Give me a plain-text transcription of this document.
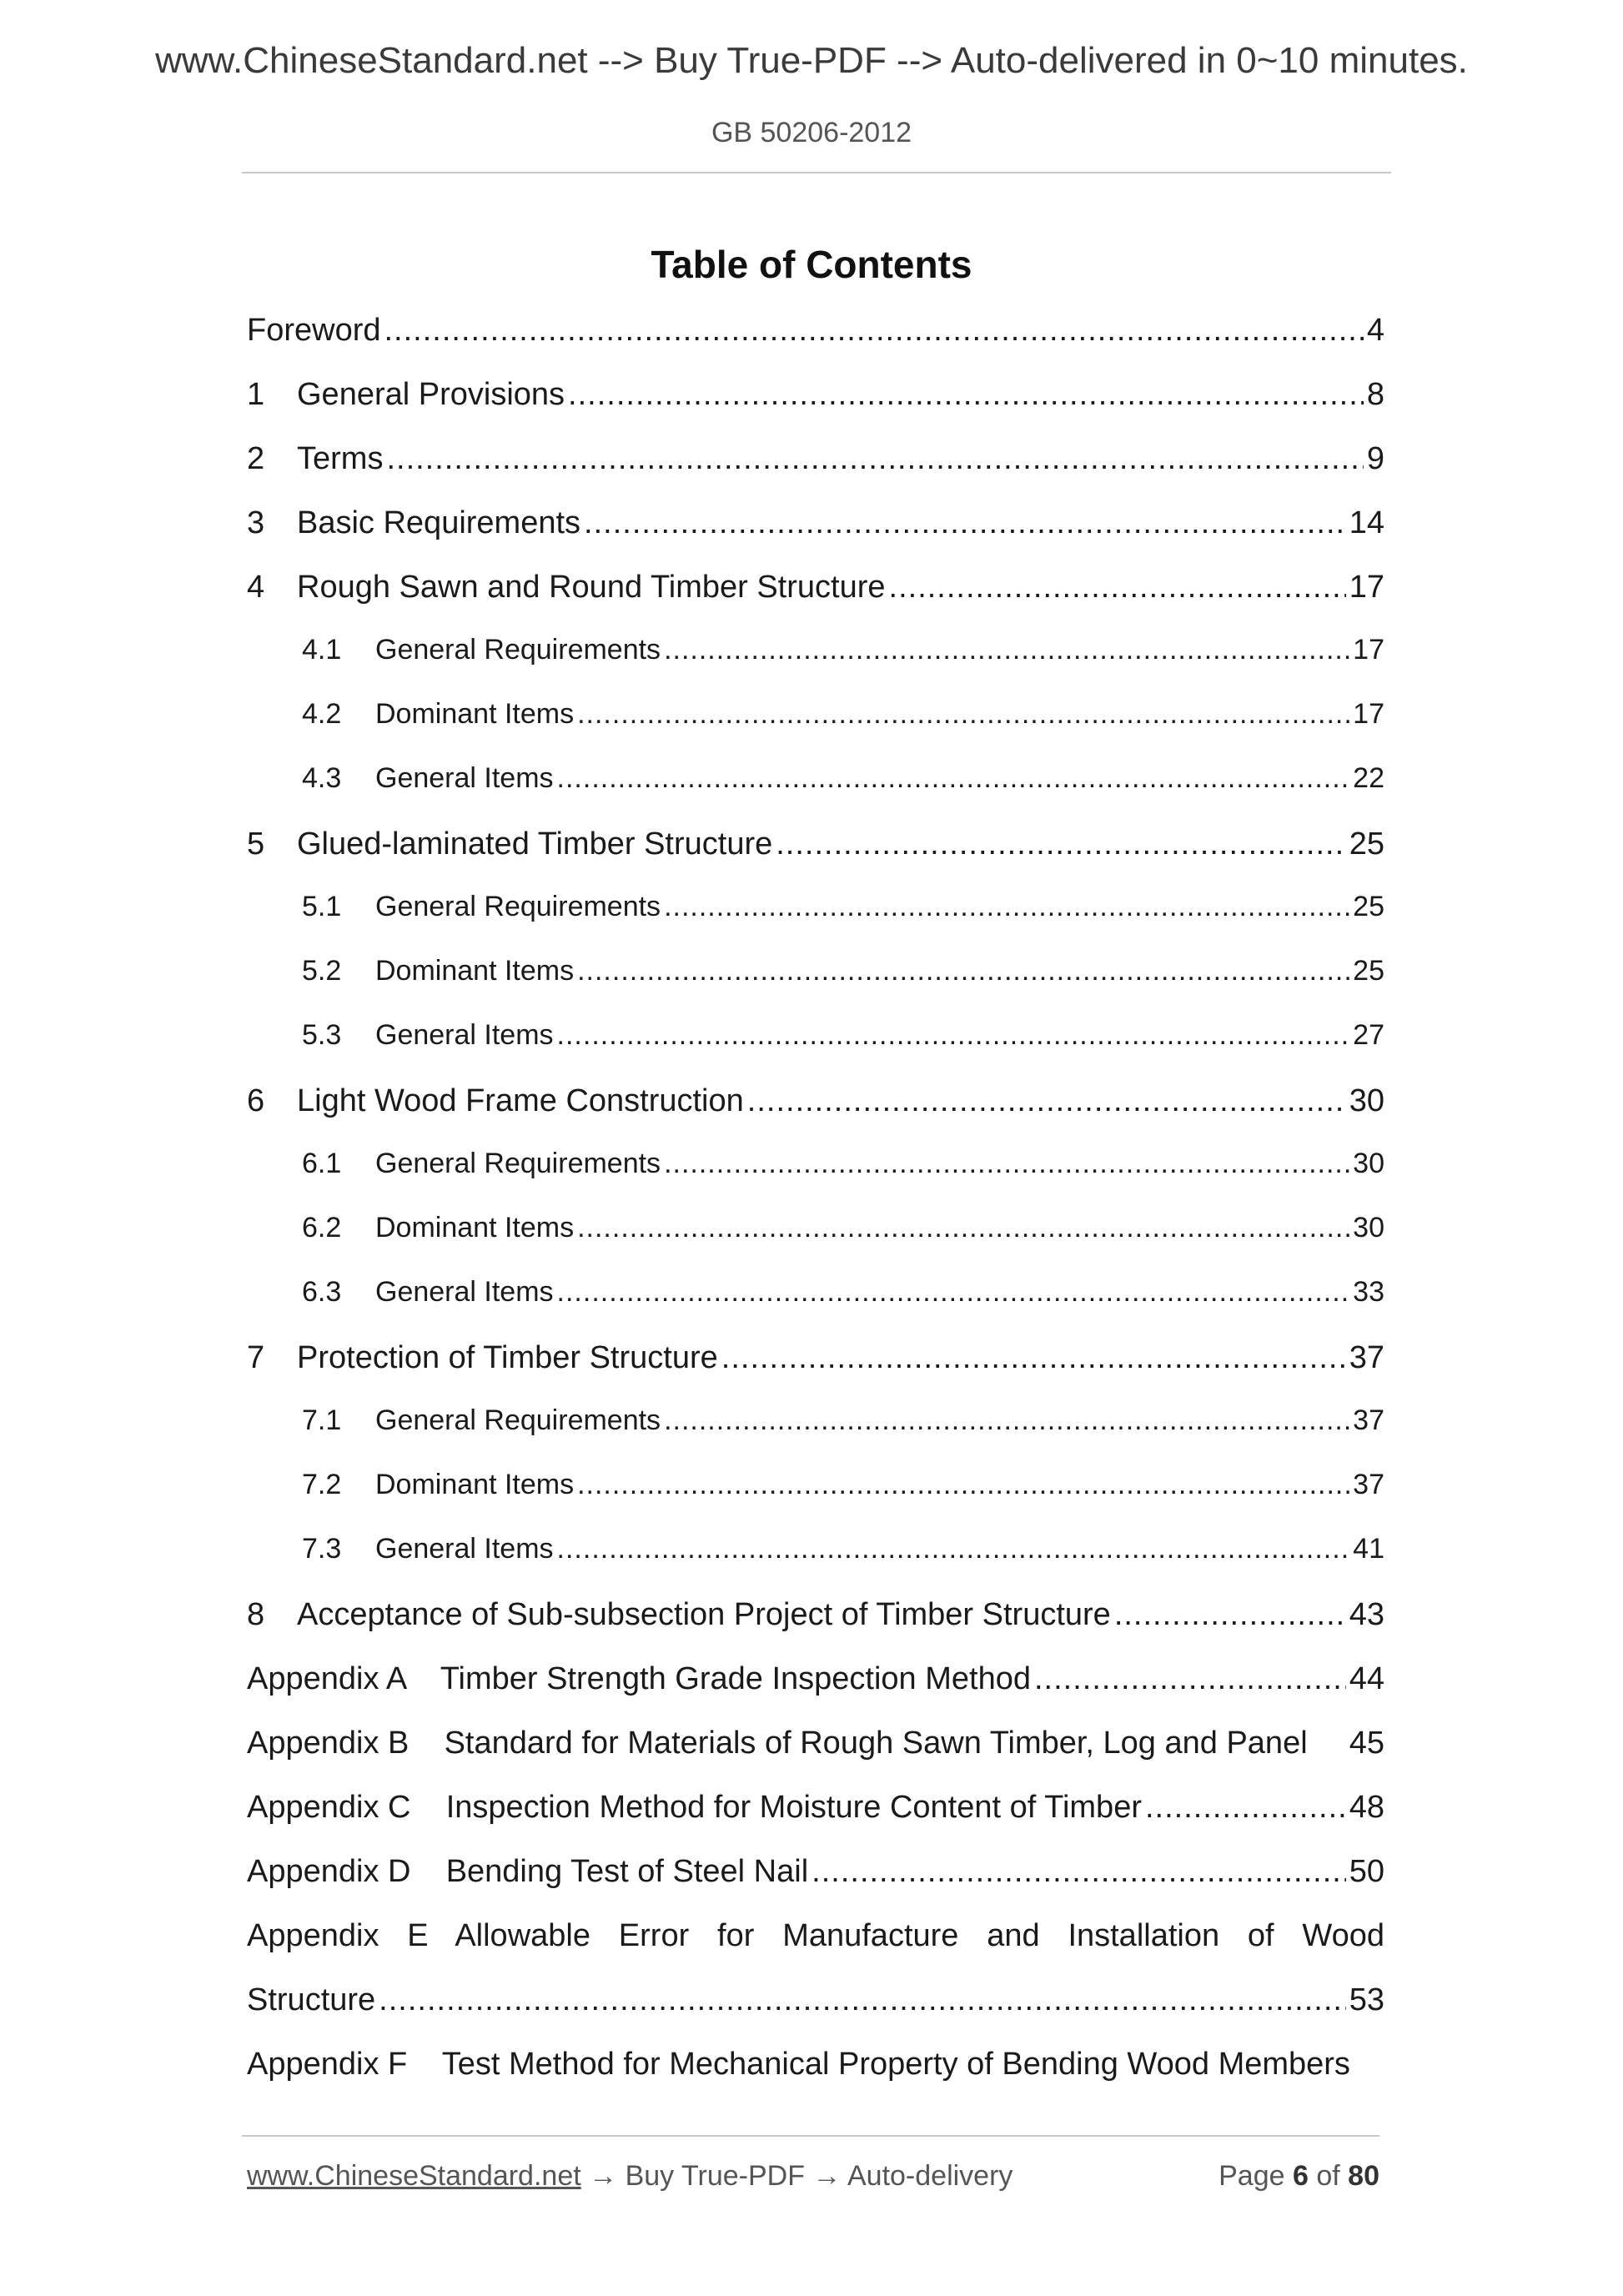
www.ChineseStandard.net --> Buy True-PDF --> Auto-delivered in 0~10 minutes.
GB 50206-2012
Table of Contents
Foreword .....	4
1	General Provisions .....	8
2	Terms .....	9
3	Basic Requirements .....	14
4	Rough Sawn and Round Timber Structure .....	17
4.1	General Requirements .....	17
4.2	Dominant Items .....	17
4.3	General Items .....	22
5	Glued-laminated Timber Structure .....	25
5.1	General Requirements .....	25
5.2	Dominant Items .....	25
5.3	General Items .....	27
6	Light Wood Frame Construction .....	30
6.1	General Requirements .....	30
6.2	Dominant Items .....	30
6.3	General Items .....	33
7	Protection of Timber Structure .....	37
7.1	General Requirements .....	37
7.2	Dominant Items .....	37
7.3	General Items .....	41
8	Acceptance of Sub-subsection Project of Timber Structure .....	43
Appendix A    Timber Strength Grade Inspection Method .....	44
Appendix B    Standard for Materials of Rough Sawn Timber, Log and Panel 45
Appendix C    Inspection Method for Moisture Content of Timber .....	48
Appendix D    Bending Test of Steel Nail .....	50
Appendix E Allowable Error for Manufacture and Installation of Wood
Structure .....	53
Appendix F    Test Method for Mechanical Property of Bending Wood Members
www.ChineseStandard.net → Buy True-PDF → Auto-delivery	Page 6 of 80
